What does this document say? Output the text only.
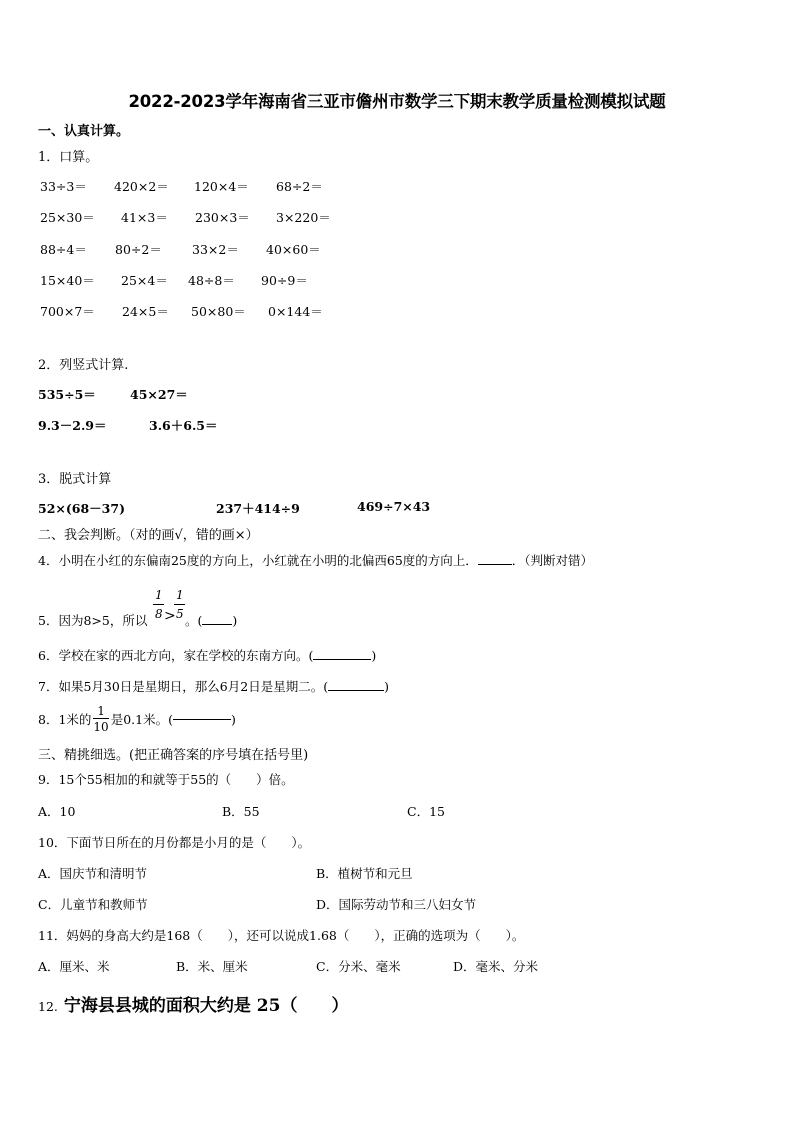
2022-2023学年海南省三亚市儋州市数学三下期末教学质量检测模拟试题
一、认真计算。
1．口算。
33÷3＝ 420×2＝ 120×4＝ 68÷2＝
25×30＝ 41×3＝ 230×3＝ 3×220＝
88÷4＝ 80÷2＝ 33×2＝ 40×60＝
15×40＝ 25×4＝ 48÷8＝ 90÷9＝
700×7＝ 24×5＝ 50×80＝ 0×144＝
2．列竖式计算.
535÷5＝	45×27＝
9.3－2.9＝	3.6＋6.5＝
3．脱式计算
52×(68－37)	237＋414÷9	469÷7×43
二、我会判断。（对的画√，错的画×）
4．小明在小红的东偏南25度的方向上，小红就在小明的北偏西65度的方向上．	．（判断对错）
5．因为8>5，所以
1
8 >
1
5 。( )
6．学校在家的西北方向，家在学校的东南方向。(	)
7．如果5月30日是星期日，那么6月2日是星期二。(	)
8．1米的 $\frac{1}{10}$ 是0.1米。(	)
三、精挑细选。(把正确答案的序号填在括号里)
9．15个55相加的和就等于55的（　　）倍。
A．10	B．55	C．15
10．下面节日所在的月份都是小月的是（　　）。
A．国庆节和清明节	B．植树节和元旦
C．儿童节和教师节	D．国际劳动节和三八妇女节
11．妈妈的身高大约是168（　　），还可以说成1.68（　　），正确的选项为（　　）。
A．厘米、米	B．米、厘米	C．分米、毫米	D．毫米、分米
12. 宁海县县城的面积大约是 25（　　）
